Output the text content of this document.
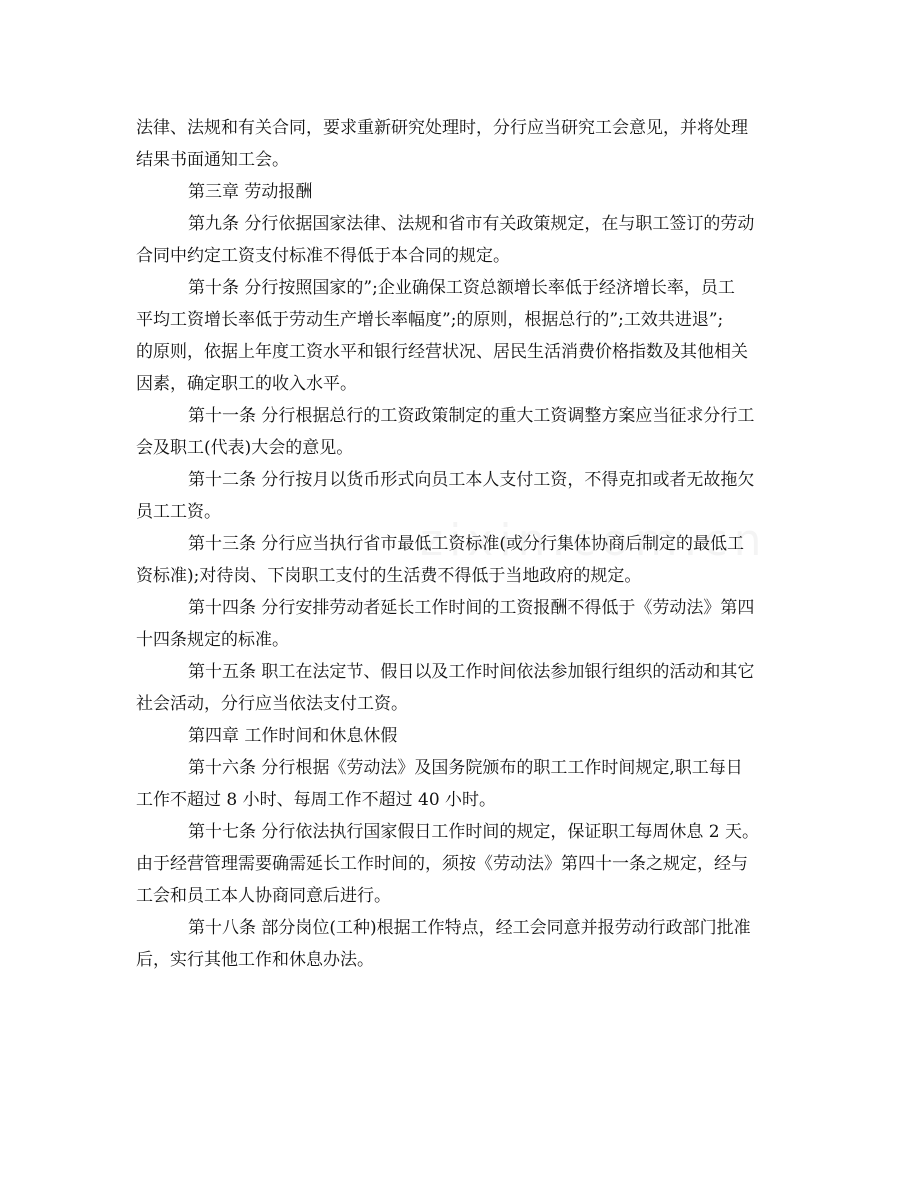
法律、法规和有关合同，要求重新研究处理时，分行应当研究工会意见，并将处理
结果书面通知工会。

第三章 劳动报酬

第九条 分行依据国家法律、法规和省市有关政策规定，在与职工签订的劳动
合同中约定工资支付标准不得低于本合同的规定。

第十条 分行按照国家的”;企业确保工资总额增长率低于经济增长率，员工
平均工资增长率低于劳动生产增长率幅度”;的原则，根据总行的”;工效共进退”;
的原则，依据上年度工资水平和银行经营状况、居民生活消费价格指数及其他相关
因素，确定职工的收入水平。

第十一条 分行根据总行的工资政策制定的重大工资调整方案应当征求分行工
会及职工(代表)大会的意见。

第十二条 分行按月以货币形式向员工本人支付工资，不得克扣或者无故拖欠
员工工资。

第十三条 分行应当执行省市最低工资标准(或分行集体协商后制定的最低工
资标准);对待岗、下岗职工支付的生活费不得低于当地政府的规定。

第十四条 分行安排劳动者延长工作时间的工资报酬不得低于《劳动法》第四
十四条规定的标准。

第十五条 职工在法定节、假日以及工作时间依法参加银行组织的活动和其它
社会活动，分行应当依法支付工资。

第四章 工作时间和休息休假

第十六条 分行根据《劳动法》及国务院颁布的职工工作时间规定,职工每日
工作不超过 8 小时、每周工作不超过 40 小时。

第十七条 分行依法执行国家假日工作时间的规定，保证职工每周休息 2 天。
由于经营管理需要确需延长工作时间的，须按《劳动法》第四十一条之规定，经与
工会和员工本人协商同意后进行。

第十八条 部分岗位(工种)根据工作特点，经工会同意并报劳动行政部门批准
后，实行其他工作和休息办法。
